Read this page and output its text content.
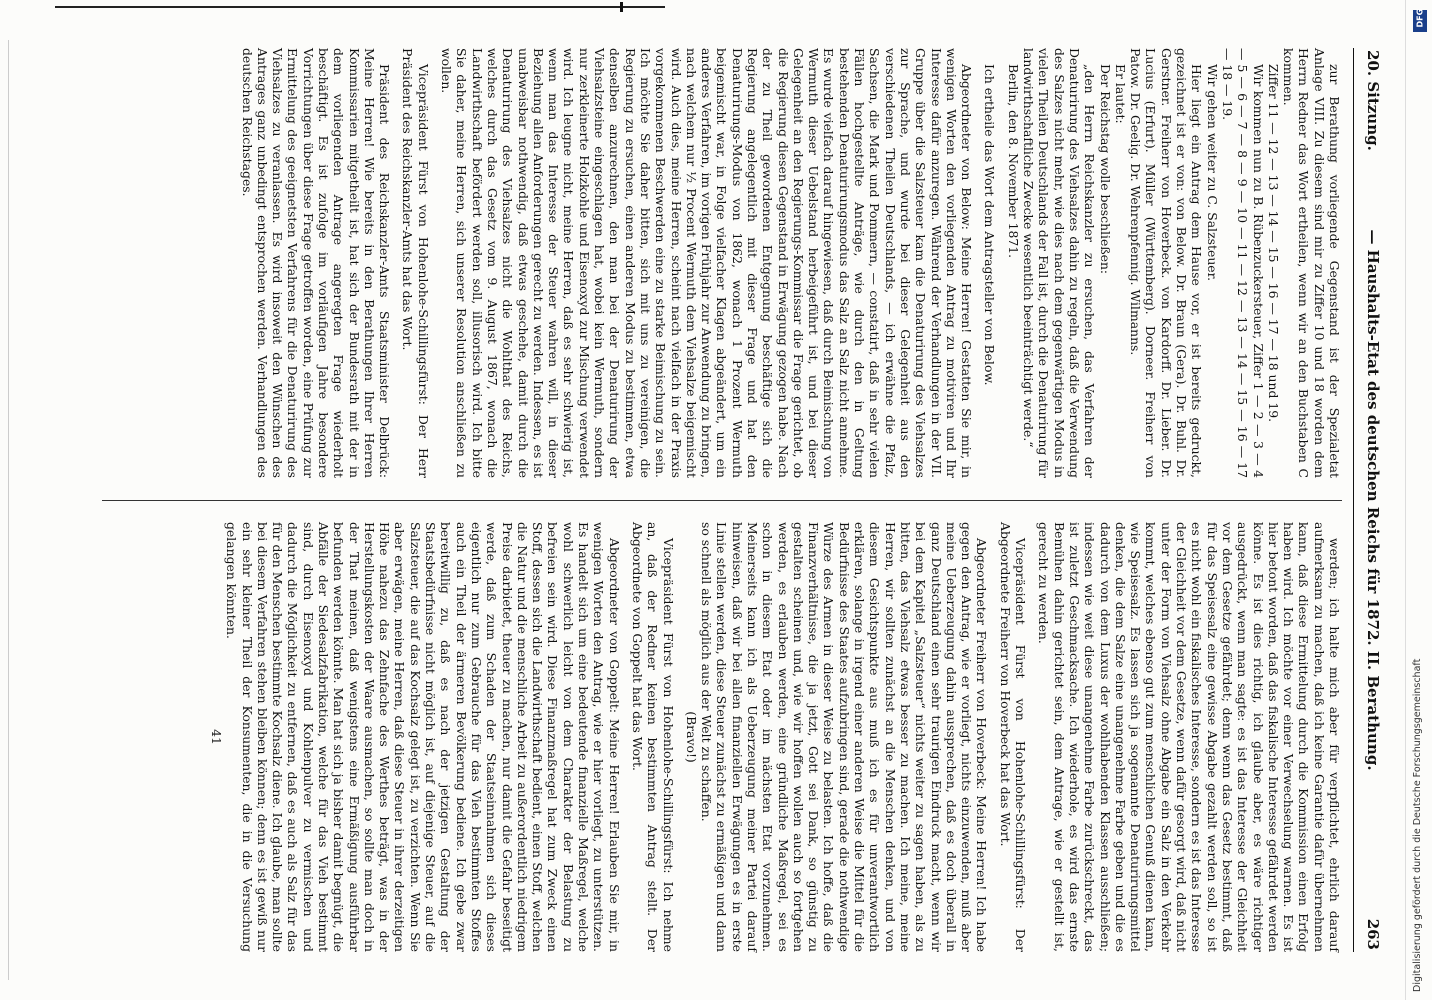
20. Sitzung.
— Haushalts-Etat des deutschen Reichs für 1872. II. Berathung.
263

zur Berathung vorliegende Gegenstand ist der Spezialetat Anlage VIII. Zu diesem sind mir zu Ziffer 10 und 18 worden dem Herrn Redner das Wort ertheilen, wenn wir an den Buchstaben C kommen.

Ziffer 11 — 12 — 13 — 14 — 15 — 16 — 17 — 18 und 19.

Wir kommen nun zu B. Rübenzuckersteuer, Ziffer 1 — 2 — 3 — 4 — 5 — 6 — 7 — 8 — 9 — 10 — 11 — 12 — 13 — 14 — 15 — 16 — 17 — 18 — 19.

Wir gehen weiter zu C. Salzsteuer.

Hier liegt ein Antrag dem Hause vor, er ist bereits gedruckt, gezeichnet ist er von: von Below. Dr. Braun (Gera). Dr. Buhl. Dr. Gerstner. Freiherr von Hoverbeck. von Kardorff. Dr. Lieber. Dr. Lucius (Erfurt). Müller (Württemberg). Dorneer. Freiherr von Patow. Dr. Geelig. Dr. Wehrenpfennig. Wilmanns.

Er lautet:

Der Reichstag wolle beschließen:

„den Herrn Reichskanzler zu ersuchen, das Verfahren der Denaturirung des Viehsalzes dahin zu regeln, daß die Verwendung des Salzes nicht mehr, wie dies nach dem gegenwärtigen Modus in vielen Theilen Deutschlands der Fall ist, durch die Denaturirung für landwirthschaftliche Zwecke wesentlich beeinträchtigt werde.“

Berlin, den 8. November 1871.

Ich ertheile das Wort dem Antragsteller von Below.

Abgeordneter von Below: Meine Herren! Gestatten Sie mir, in wenigen Worten den vorliegenden Antrag zu motiviren und Ihr Interesse dafür anzuregen. Während der Verhandlungen in der VII. Gruppe über die Salzsteuer kam die Denaturirung des Viehsalzes zur Sprache, und wurde bei dieser Gelegenheit aus den verschiedenen Theilen Deutschlands, — ich erwähne die Pfalz, Sachsen, die Mark und Pommern, — constatirt, daß in sehr vielen Fällen hochgestellte Anträge, wie durch den in Geltung bestehenden Denaturirungsmodus das Salz an Salz nicht annehme. Es wurde vielfach darauf hingewiesen, daß durch Beimischung von Wermuth dieser Uebelstand herbeigeführt ist, und bei dieser Gelegenheit an den Regierungs-Kommissar die Frage gerichtet, ob die Regierung diesen Gegenstand in Erwägung gezogen habe. Nach der zu Theil gewordenen Entgegnung beschäftige sich die Regierung angelegentlich mit dieser Frage und hat den Denaturirungs-Modus von 1862, wonach 1 Prozent Wermuth beigemischt war, in Folge vielfacher Klagen abgeändert, um ein anderes Verfahren, im vorigen Frühjahr zur Anwendung zu bringen, nach welchem nur ½ Procent Wermuth dem Viehsalze beigemischt wird. Auch dies, meine Herren, scheint nach vielfach in der Praxis vorgekommenen Beschwerden eine zu starke Beimischung zu sein. Ich möchte Sie daher bitten, sich mit uns zu vereinigen, die Regierung zu ersuchen, einen anderen Modus zu bestimmen, etwa denselben anzurechnen, den man bei der Denaturirung der Viehsalzsteine eingeschlagen hat, wobei kein Wermuth, sondern nur zerkleinerte Holzkohle und Eisenoxyd zur Mischung verwendet wird. Ich leugne nicht, meine Herren, daß es sehr schwierig ist, wenn man das Interesse der Steuer wahren will, in dieser Beziehung allen Anforderungen gerecht zu werden. Indessen, es ist unabweisbar nothwendig, daß etwas geschehe, damit durch die Denaturirung des Viehsalzes nicht die Wohlthat des Reichs, welches durch das Gesetz vom 9. August 1867, wonach die Landwirthschaft befördert werden soll, illusorisch wird. Ich bitte Sie daher, meine Herren, sich unserer Resolution anschließen zu wollen.

Vicepräsident Fürst von Hohenlohe-Schillingsfürst: Der Herr Präsident des Reichskanzler-Amts hat das Wort.

Präsident des Reichskanzler-Amts Staatsminister Delbrück: Meine Herren! Wie bereits in den Berathungen Ihrer Herren Kommissarien mitgetheilt ist, hat sich der Bundesrath mit der in dem vorliegenden Antrage angeregten Frage wiederholt beschäftigt. Es ist zufolge im vorläufigen Jahre besondere Vorrichtungen über diese Frage getroffen worden, eine Prüfung zur Ermittelung des geeignetsten Verfahrens für die Denaturirung des Viehsalzes zu veranlassen. Es wird insoweit den Wünschen des Antrages ganz unbedingt entsprochen werden. Verhandlungen des deutschen Reichstages.

werden; ich halte mich aber für verpflichtet, ehrlich darauf aufmerksam zu machen, daß ich keine Garantie dafür übernehmen kann, daß diese Ermittelung durch die Kommission einen Erfolg haben wird. Ich möchte vor einer Verwechselung warnen. Es ist hier betont worden, daß das fiskalische Interesse gefährdet werden könne. Es ist dies richtig, ich glaube aber, es wäre richtiger ausgedrückt, wenn man sagte: es ist das Interesse der Gleichheit vor dem Gesetze gefährdet; denn wenn das Gesetz bestimmt, daß für das Speisesalz eine gewisse Abgabe gezahlt werden soll, so ist es nicht wohl ein fiskalisches Interesse, sondern es ist das Interesse der Gleichheit vor dem Gesetze, wenn dafür gesorgt wird, daß nicht unter der Form von Viehsalz ohne Abgabe ein Salz in den Verkehr kommt, welches ebenso gut zum menschlichen Genuß dienen kann, wie Speisesalz. Es lassen sich ja sogenannte Denaturirungsmittel denken, die dem Salze eine unangenehme Farbe geben und die es dadurch von dem Luxus der wohlhabenden Klassen ausschließen; indessen wie weit diese unangenehme Farbe zurückschreckt, das ist zuletzt Geschmacksache. Ich wiederhole, es wird das ernste Bemühen dahin gerichtet sein, dem Antrage, wie er gestellt ist, gerecht zu werden.

Vicepräsident Fürst von Hohenlohe-Schillingsfürst: Der Abgeordnete Freiherr von Hoverbeck hat das Wort.

Abgeordneter Freiherr von Hoverbeck: Meine Herren! Ich habe gegen den Antrag, wie er vorliegt, nichts einzuwenden, muß aber meine Ueberzeugung dahin aussprechen, daß es doch überall in ganz Deutschland einen sehr traurigen Eindruck macht, wenn wir bei dem Kapitel „Salzsteuer“ nichts weiter zu sagen haben, als zu bitten, das Viehsalz etwas besser zu machen. Ich meine, meine Herren, wir sollten zunächst an die Menschen denken, und von diesem Gesichtspunkte aus muß ich es für unverantwortlich erklären, solange in irgend einer anderen Weise die Mittel für die Bedürfnisse des Staates aufzubringen sind, gerade die nothwendige Würze des Armen in dieser Weise zu belasten. Ich hoffe, daß die Finanzverhältnisse, die ja jetzt, Gott sei Dank, so günstig zu gestalten scheinen und, wie wir hoffen wollen auch so fortgehen werden, es erlauben werden, eine gründliche Maßregel, sei es schon in diesem Etat oder im nächsten Etat vorzunehmen. Meinerseits kann ich als Ueberzeugung meiner Partei darauf hinweisen, daß wir bei allen finanziellen Erwägungen es in erste Linie stellen werden, diese Steuer zunächst zu ermäßigen und dann so schnell als möglich aus der Welt zu schaffen.

(Bravo!)

Vicepräsident Fürst von Hohenlohe-Schillingsfürst: Ich nehme an, daß der Redner keinen bestimmten Antrag stellt. Der Abgeordnete von Goppelt hat das Wort.

Abgeordneter von Goppelt: Meine Herren! Erlauben Sie mir, in wenigen Worten den Antrag, wie er hier vorliegt, zu unterstützen. Es handelt sich um eine bedeutende finanzielle Maßregel, welche wohl schwerlich leicht von dem Charakter der Belastung zu befreien sein wird. Diese Finanzmaßregel hat zum Zweck einen Stoff, dessen sich die Landwirthschaft bedient, einen Stoff, welchen die Natur und die menschliche Arbeit zu außerordentlich niedrigem Preise darbietet, theuer zu machen, nur damit die Gefahr beseitigt werde, daß zum Schaden der Staatseinnahmen sich dieses eigentlich nur zum Gebrauche für das Vieh bestimmten Stoffes auch ein Theil der ärmeren Bevölkerung bediene. Ich gebe zwar bereitwillig zu, daß es nach der jetzigen Gestaltung der Staatsbedürfnisse nicht möglich ist, auf diejenige Steuer, auf die Salzsteuer, die auf das Kochsalz gelegt ist, zu verzichten. Wenn Sie aber erwägen, meine Herren, daß diese Steuer in ihrer derzeitigen Höhe nahezu das Zehnfache des Werthes beträgt, was in der Herstellungskosten der Waare ausmachen, so sollte man doch in der That meinen, daß wenigstens eine Ermäßigung ausführbar befunden werden könnte. Man hat sich ja bisher damit begnügt, die Abfälle der Siedesalzfabrikation, welche für das Vieh bestimmt sind, durch Eisenoxyd und Kohlenpulver zu vermischen und dadurch die Möglichkeit zu entfernen, daß es auch als Salz für das für den Menschen bestimmte Kochsalz diene. Ich glaube, man sollte bei diesem Verfahren stehen bleiben können; denn es ist gewiß nur ein sehr kleiner Theil der Konsumenten, die in die Versuchung gelangen könnten.

41	Digitalisierung gefördert durch die Deutsche Forschungsgemeinschaft
DFG
